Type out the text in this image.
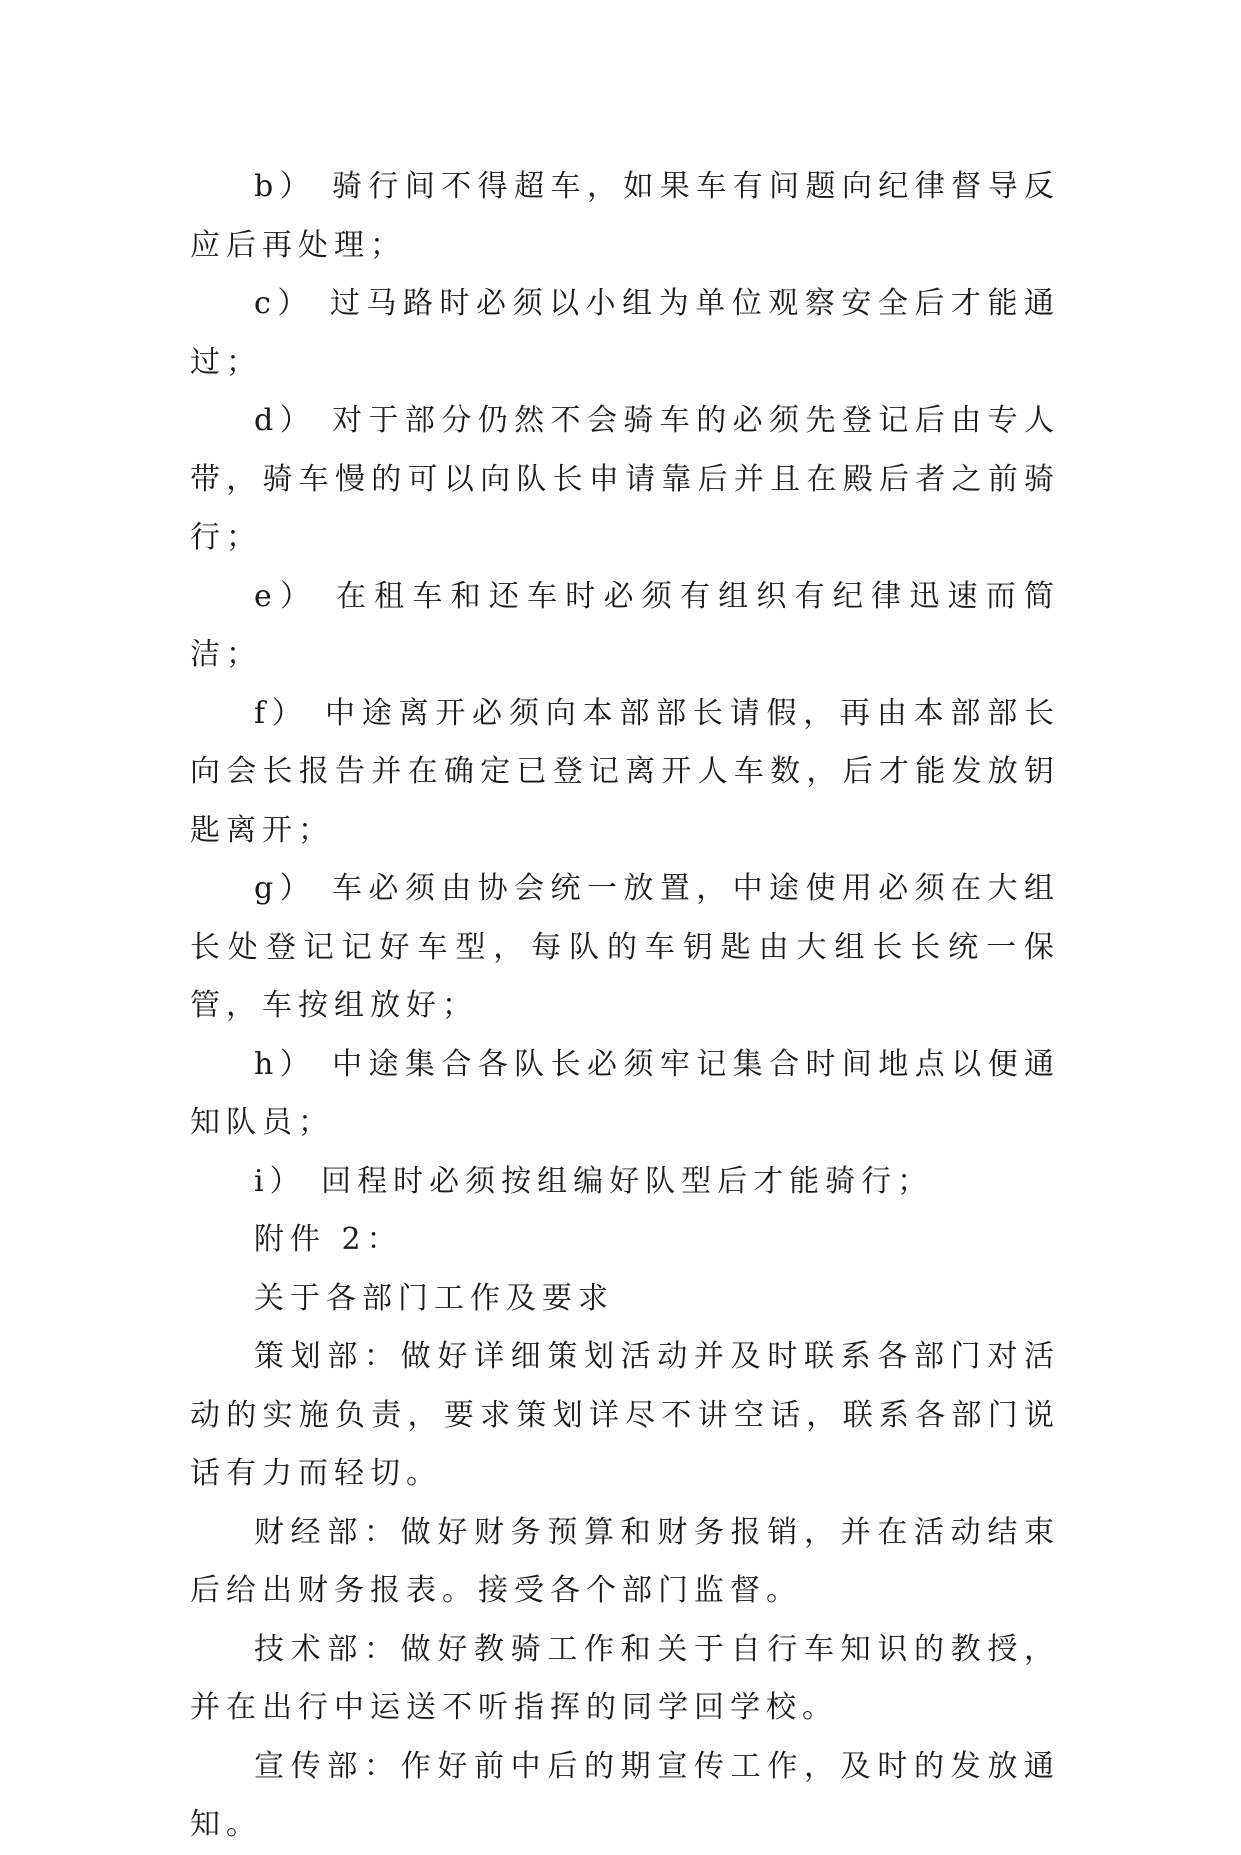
b） 骑行间不得超车，如果车有问题向纪律督导反应后再处理；

c） 过马路时必须以小组为单位观察安全后才能通过；

d） 对于部分仍然不会骑车的必须先登记后由专人带，骑车慢的可以向队长申请靠后并且在殿后者之前骑行；

e） 在租车和还车时必须有组织有纪律迅速而简洁；

f） 中途离开必须向本部部长请假，再由本部部长向会长报告并在确定已登记离开人车数，后才能发放钥匙离开；

g） 车必须由协会统一放置，中途使用必须在大组长处登记记好车型，每队的车钥匙由大组长长统一保管，车按组放好；

h） 中途集合各队长必须牢记集合时间地点以便通知队员；

i） 回程时必须按组编好队型后才能骑行；

附件 2：

关于各部门工作及要求

策划部：做好详细策划活动并及时联系各部门对活动的实施负责，要求策划详尽不讲空话，联系各部门说话有力而轻切。

财经部：做好财务预算和财务报销，并在活动结束后给出财务报表。接受各个部门监督。

技术部：做好教骑工作和关于自行车知识的教授，并在出行中运送不听指挥的同学回学校。

宣传部：作好前中后的期宣传工作，及时的发放通知。
